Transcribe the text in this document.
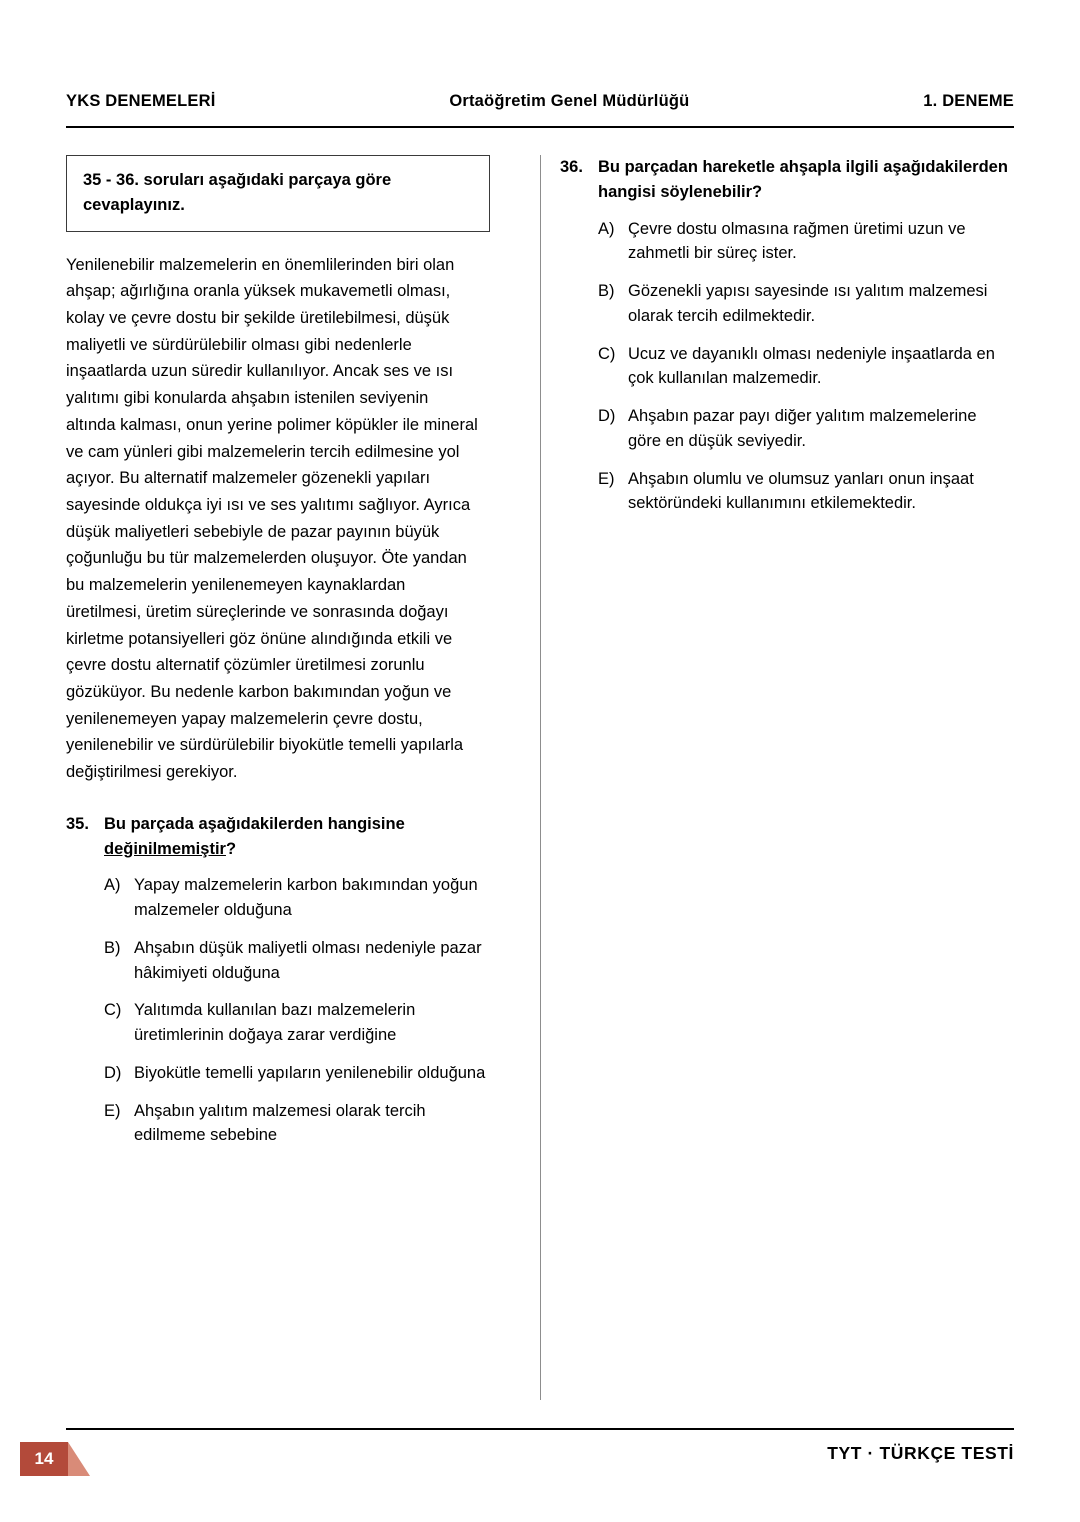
YKS DENEMELERİ	Ortaöğretim Genel Müdürlüğü	1. DENEME

35 - 36. soruları aşağıdaki parçaya göre

cevaplayınız.

Yenilenebilir malzemelerin en önemlilerinden biri olan ahşap; ağırlığına oranla yüksek mukavemetli olması, kolay ve çevre dostu bir şekilde üretilebilmesi, düşük maliyetli ve sürdürülebilir olması gibi nedenlerle inşaatlarda uzun süredir kullanılıyor. Ancak ses ve ısı yalıtımı gibi konularda ahşabın istenilen seviyenin altında kalması, onun yerine polimer köpükler ile mineral ve cam yünleri gibi malzemelerin tercih edilmesine yol açıyor. Bu alternatif malzemeler gözenekli yapıları sayesinde oldukça iyi ısı ve ses yalıtımı sağlıyor. Ayrıca düşük maliyetleri sebebiyle de pazar payının büyük çoğunluğu bu tür malzemelerden oluşuyor. Öte yandan bu malzemelerin yenilenemeyen kaynaklardan üretilmesi, üretim süreçlerinde ve sonrasında doğayı kirletme potansiyelleri göz önüne alındığında etkili ve çevre dostu alternatif çözümler üretilmesi zorunlu gözüküyor. Bu nedenle karbon bakımından yoğun ve yenilenemeyen yapay malzemelerin çevre dostu, yenilenebilir ve sürdürülebilir biyokütle temelli yapılarla değiştirilmesi gerekiyor.

35. Bu parçada aşağıdakilerden hangisine değinilmemiştir?
A) Yapay malzemelerin karbon bakımından yoğun malzemeler olduğuna
B) Ahşabın düşük maliyetli olması nedeniyle pazar hâkimiyeti olduğuna
C) Yalıtımda kullanılan bazı malzemelerin üretimlerinin doğaya zarar verdiğine
D) Biyokütle temelli yapıların yenilenebilir olduğuna
E) Ahşabın yalıtım malzemesi olarak tercih edilmeme sebebine
36. Bu parçadan hareketle ahşapla ilgili aşağıdakilerden hangisi söylenebilir?
A) Çevre dostu olmasına rağmen üretimi uzun ve zahmetli bir süreç ister.
B) Gözenekli yapısı sayesinde ısı yalıtım malzemesi olarak tercih edilmektedir.
C) Ucuz ve dayanıklı olması nedeniyle inşaatlarda en çok kullanılan malzemedir.
D) Ahşabın pazar payı diğer yalıtım malzemelerine göre en düşük seviyedir.
E) Ahşabın olumlu ve olumsuz yanları onun inşaat sektöründeki kullanımını etkilemektedir.
14	TYT · TÜRKÇE TESTİ
